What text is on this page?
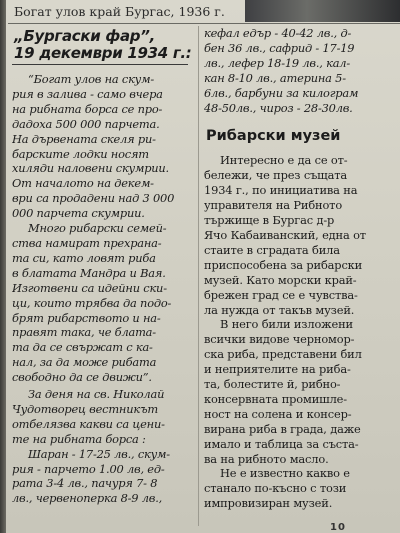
Богат улов край Бургас, 1936 г.
„Бургаски фар”,
19 декември 1934 г.:
“Богат улов на скум-
рия в залива - само вчера
на рибната борса се про-
дадоха 500 000 парчета.
На дървената скеля ри-
барските лодки носят
хиляди наловени скумрии.
От началото на декем-
ври са продадени над 3 000
000 парчета скумрии.
Много рибарски семей-
ства намират прехрана-
та си, като ловят риба
в блатата Мандра и Вая.
Изготвени са идейни ски-
ци, които трябва да подо-
брят рибарството и на-
правят така, че блата-
та да се свържат с ка-
нал, за да може рибата
свободно да се движи”.
За деня на св. Николай
Чудотворец вестникът
отбелязва какви са цени-
те на рибната борса :
Шаран - 17-25 лв., скум-
рия - парчето 1.00 лв, ед-
рата 3-4 лв., пачуря 7- 8
лв., червеноперка 8-9 лв.,
кефал едър - 40-42 лв., д-
бен 36 лв., сафрид - 17-19
лв., лефер 18-19 лв., кал-
кан 8-10 лв., атерина 5-
6лв., барбуни за килограм
48-50лв., чироз - 28-30лв.
Рибарски музей
Интересно е да се от-
бележи, че през същата
1934 г., по инициатива на
управителя на Рибното
тържище в Бургас д-р
Ячо Кабаиванский, една от
стаите в сградата била
приспособена за рибарски
музей. Като морски край-
брежен град се е чувства-
ла нужда от такъв музей.
В него били изложени
всички видове черномор-
ска риба, представени бил
и неприятелите на риба-
та, болестите й, рибно-
консервната промишле-
ност на солена и консер-
вирана риба в града, даже
имало и таблица за съста-
ва на рибното масло.
Не е известно какво е
станало по-късно с този
импровизиран музей.
10
